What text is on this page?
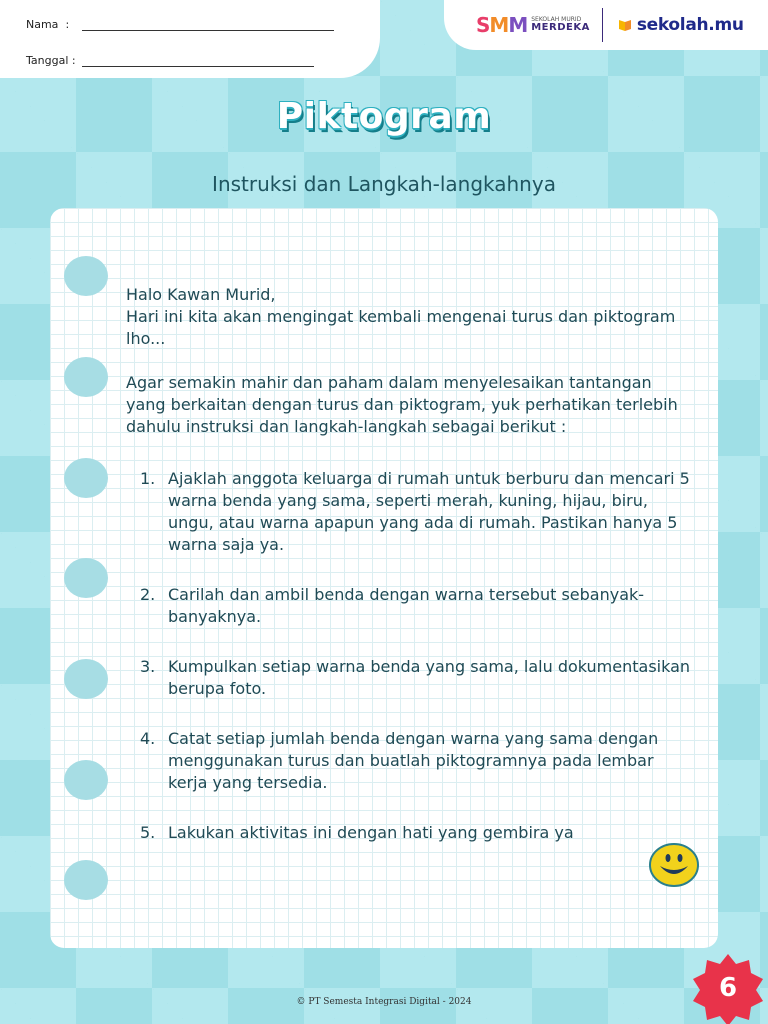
Nama :
Tanggal :
SMM SEKOLAH MURID
MERDEKA	sekolah.mu
Piktogram
Instruksi dan Langkah-langkahnya

Halo Kawan Murid,
Hari ini kita akan mengingat kembali mengenai turus dan piktogram lho...

Agar semakin mahir dan paham dalam menyelesaikan tantangan yang berkaitan dengan turus dan piktogram, yuk perhatikan terlebih dahulu instruksi dan langkah-langkah sebagai berikut :

1. Ajaklah anggota keluarga di rumah untuk berburu dan mencari 5 warna benda yang sama, seperti merah, kuning, hijau, biru, ungu, atau warna apapun yang ada di rumah. Pastikan hanya 5 warna saja ya.
2. Carilah dan ambil benda dengan warna tersebut sebanyak-banyaknya.
3. Kumpulkan setiap warna benda yang sama, lalu dokumentasikan berupa foto.
4. Catat setiap jumlah benda dengan warna yang sama dengan menggunakan turus dan buatlah piktogramnya pada lembar kerja yang tersedia.
5. Lakukan aktivitas ini dengan hati yang gembira ya
© PT Semesta Integrasi Digital - 2024	6
